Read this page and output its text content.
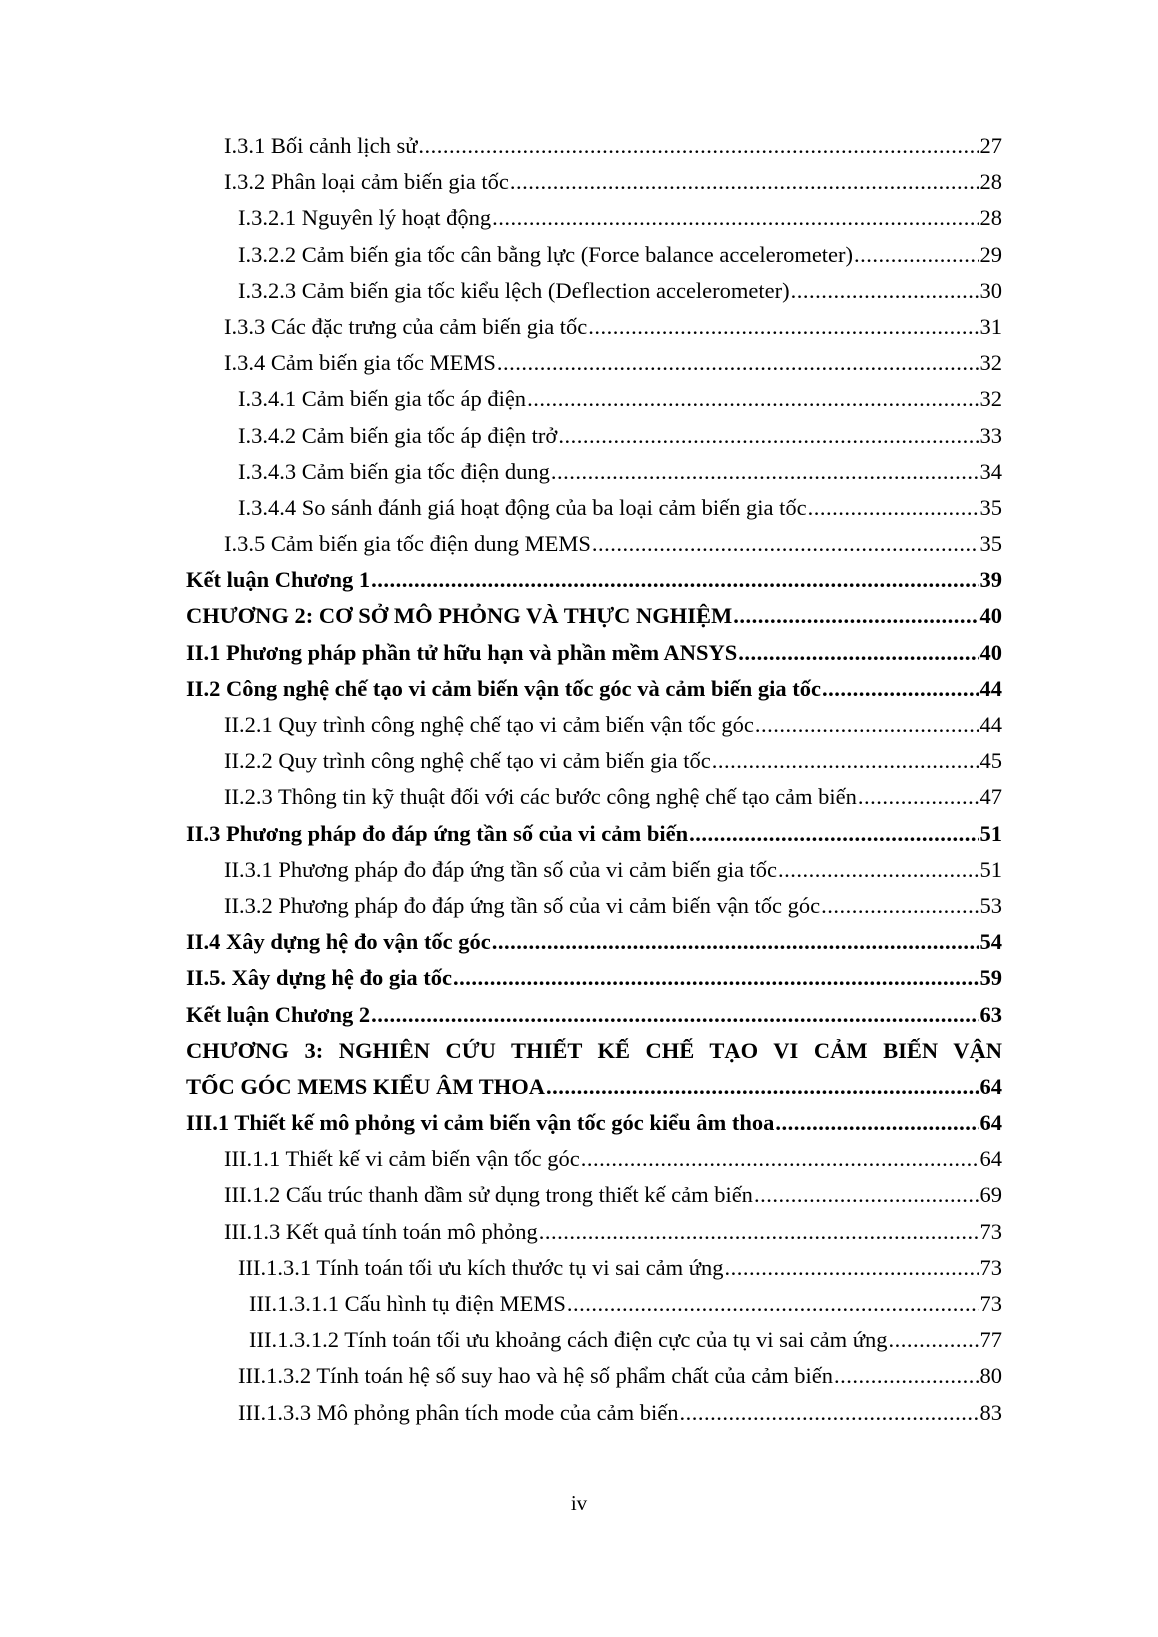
I.3.1 Bối cảnh lịch sử .....	27
I.3.2 Phân loại cảm biến gia tốc .....	28
I.3.2.1 Nguyên lý hoạt động .....	28
I.3.2.2 Cảm biến gia tốc cân bằng lực (Force balance accelerometer) .....	29
I.3.2.3 Cảm biến gia tốc kiểu lệch (Deflection accelerometer) .....	30
I.3.3 Các đặc trưng của cảm biến gia tốc .....	31
I.3.4 Cảm biến gia tốc MEMS .....	32
I.3.4.1 Cảm biến gia tốc áp điện .....	32
I.3.4.2 Cảm biến gia tốc áp điện trở .....	33
I.3.4.3 Cảm biến gia tốc điện dung .....	34
I.3.4.4 So sánh đánh giá hoạt động của ba loại cảm biến gia tốc .....	35
I.3.5 Cảm biến gia tốc điện dung MEMS .....	35
Kết luận Chương 1 .....	39
CHƯƠNG 2: CƠ SỞ MÔ PHỎNG VÀ THỰC NGHIỆM .....	40
II.1 Phương pháp phần tử hữu hạn và phần mềm ANSYS .....	40
II.2 Công nghệ chế tạo vi cảm biến vận tốc góc và cảm biến gia tốc .....	44
II.2.1 Quy trình công nghệ chế tạo vi cảm biến vận tốc góc .....	44
II.2.2 Quy trình công nghệ chế tạo vi cảm biến gia tốc .....	45
II.2.3 Thông tin kỹ thuật đối với các bước công nghệ chế tạo cảm biến .....	47
II.3 Phương pháp đo đáp ứng tần số của vi cảm biến .....	51
II.3.1 Phương pháp đo đáp ứng tần số của vi cảm biến gia tốc .....	51
II.3.2 Phương pháp đo đáp ứng tần số của vi cảm biến vận tốc góc .....	53
II.4 Xây dựng hệ đo vận tốc góc .....	54
II.5. Xây dựng hệ đo gia tốc .....	59
Kết luận Chương 2 .....	63
CHƯƠNG 3: NGHIÊN CỨU THIẾT KẾ CHẾ TẠO VI CẢM BIẾN VẬN
TỐC GÓC MEMS KIỂU ÂM THOA .....	64
III.1 Thiết kế mô phỏng vi cảm biến vận tốc góc kiểu âm thoa .....	64
III.1.1 Thiết kế vi cảm biến vận tốc góc .....	64
III.1.2 Cấu trúc thanh dầm sử dụng trong thiết kế cảm biến .....	69
III.1.3 Kết quả tính toán mô phỏng .....	73
III.1.3.1 Tính toán tối ưu kích thước tụ vi sai cảm ứng .....	73
III.1.3.1.1 Cấu hình tụ điện MEMS .....	73
III.1.3.1.2 Tính toán tối ưu khoảng cách điện cực của tụ vi sai cảm ứng .....	77
III.1.3.2 Tính toán hệ số suy hao và hệ số phẩm chất của cảm biến .....	80
III.1.3.3 Mô phỏng phân tích mode của cảm biến .....	83
iv
